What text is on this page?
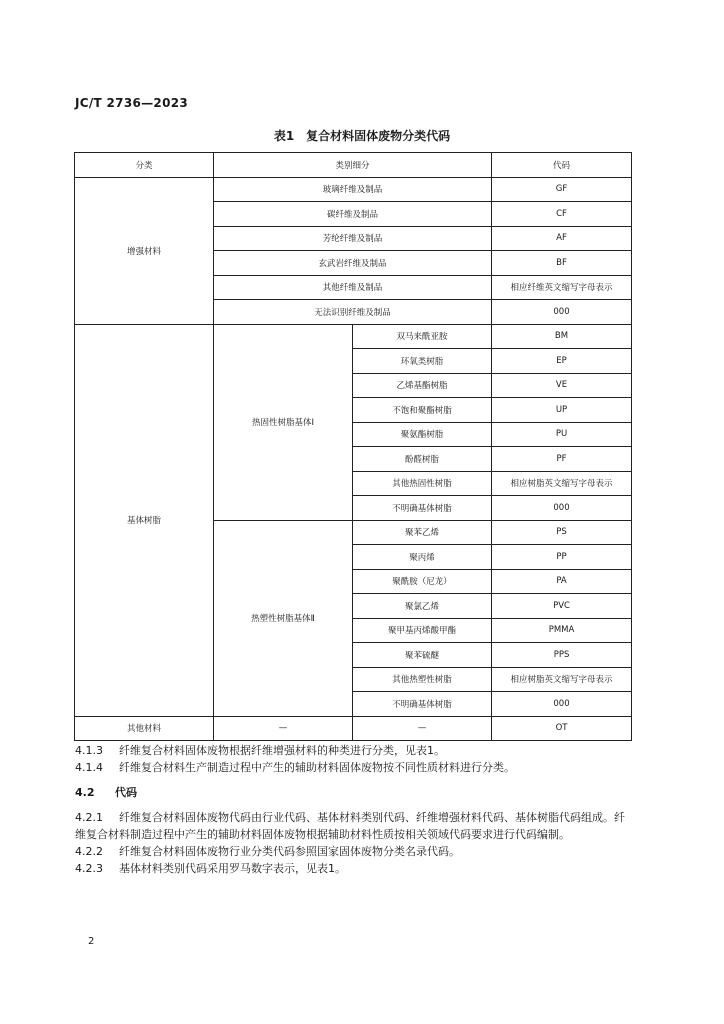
JC/T 2736—2023
表1　复合材料固体废物分类代码
分类	类别细分		代码
增强材料	玻璃纤维及制品		GF
	碳纤维及制品		CF
	芳纶纤维及制品		AF
	玄武岩纤维及制品		BF
	其他纤维及制品		相应纤维英文缩写字母表示
	无法识别纤维及制品		000
基体树脂	热固性树脂基体Ⅰ	双马来酰亚胺	BM
		环氧类树脂	EP
		乙烯基酯树脂	VE
		不饱和聚酯树脂	UP
		聚氨酯树脂	PU
		酚醛树脂	PF
		其他热固性树脂	相应树脂英文缩写字母表示
		不明确基体树脂	000
	热塑性树脂基体Ⅱ	聚苯乙烯	PS
		聚丙烯	PP
		聚酰胺（尼龙）	PA
		聚氯乙烯	PVC
		聚甲基丙烯酸甲酯	PMMA
		聚苯硫醚	PPS
		其他热塑性树脂	相应树脂英文缩写字母表示
		不明确基体树脂	000
其他材料	—	—	OT

4.1.3 纤维复合材料固体废物根据纤维增强材料的种类进行分类，见表1。

4.1.4 纤维复合材料生产制造过程中产生的辅助材料固体废物按不同性质材料进行分类。

4.2 代码

4.2.1 纤维复合材料固体废物代码由行业代码、基体材料类别代码、纤维增强材料代码、基体树脂代码组成。纤维复合材料制造过程中产生的辅助材料固体废物根据辅助材料性质按相关领域代码要求进行代码编制。

4.2.2 纤维复合材料固体废物行业分类代码参照国家固体废物分类名录代码。

4.2.3 基体材料类别代码采用罗马数字表示，见表1。

2
